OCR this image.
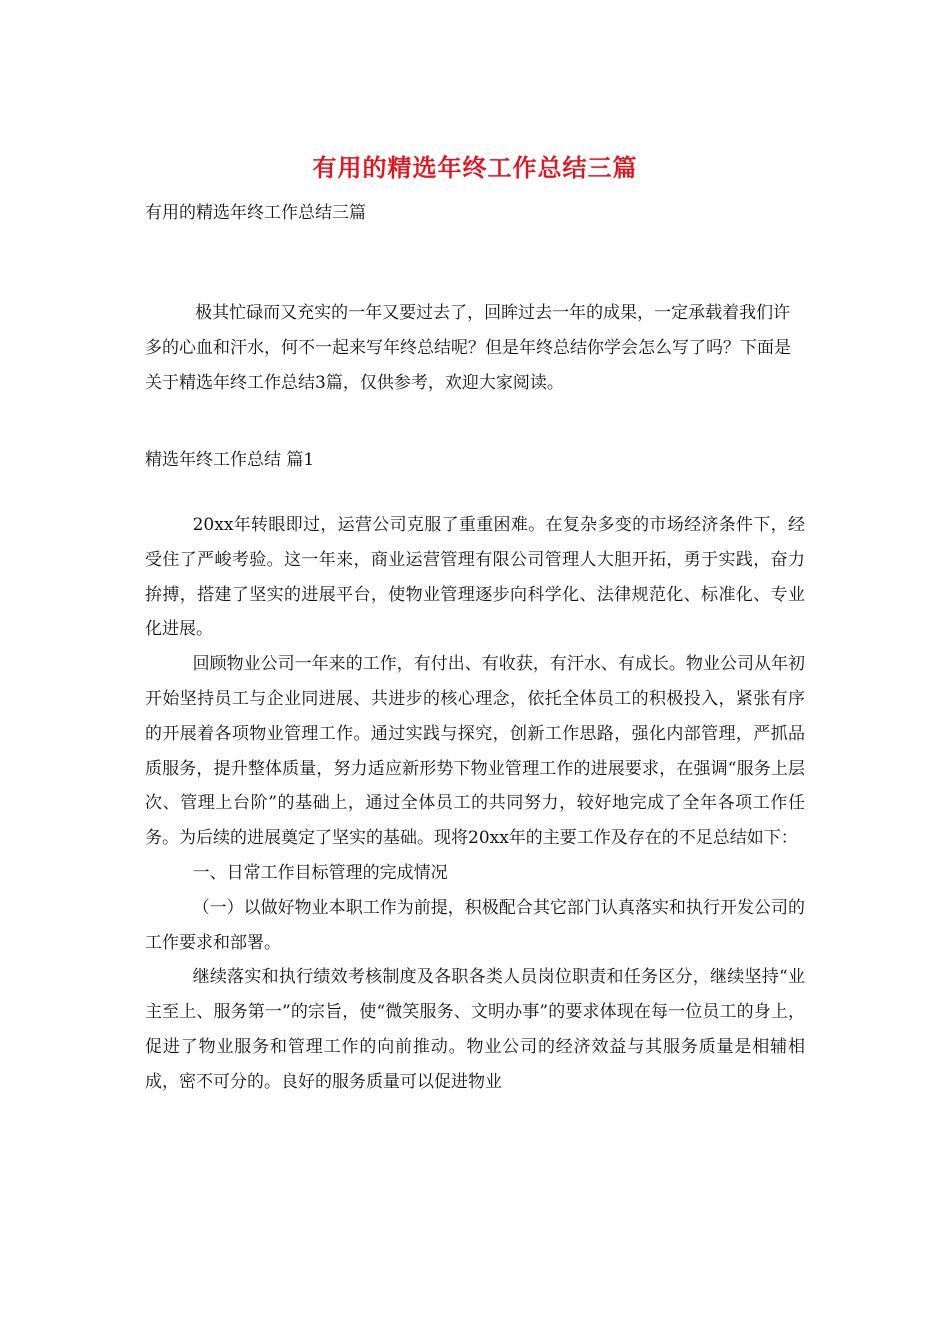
有用的精选年终工作总结三篇
有用的精选年终工作总结三篇

极其忙碌而又充实的一年又要过去了，回眸过去一年的成果，一定承载着我们许多的心血和汗水，何不一起来写年终总结呢？但是年终总结你学会怎么写了吗？下面是关于精选年终工作总结3篇，仅供参考，欢迎大家阅读。

精选年终工作总结 篇1

20xx年转眼即过，运营公司克服了重重困难。在复杂多变的市场经济条件下，经受住了严峻考验。这一年来，商业运营管理有限公司管理人大胆开拓，勇于实践，奋力拚搏，搭建了坚实的进展平台，使物业管理逐步向科学化、法律规范化、标准化、专业化进展。

回顾物业公司一年来的工作，有付出、有收获，有汗水、有成长。物业公司从年初开始坚持员工与企业同进展、共进步的核心理念，依托全体员工的积极投入，紧张有序的开展着各项物业管理工作。通过实践与探究，创新工作思路，强化内部管理，严抓品质服务，提升整体质量，努力适应新形势下物业管理工作的进展要求，在强调“服务上层次、管理上台阶”的基础上，通过全体员工的共同努力，较好地完成了全年各项工作任务。为后续的进展奠定了坚实的基础。现将20xx年的主要工作及存在的不足总结如下：

一、日常工作目标管理的完成情况

（一）以做好物业本职工作为前提，积极配合其它部门认真落实和执行开发公司的工作要求和部署。

继续落实和执行绩效考核制度及各职各类人员岗位职责和任务区分，继续坚持“业主至上、服务第一”的宗旨，使“微笑服务、文明办事”的要求体现在每一位员工的身上，促进了物业服务和管理工作的向前推动。物业公司的经济效益与其服务质量是相辅相成，密不可分的。良好的服务质量可以促进物业
